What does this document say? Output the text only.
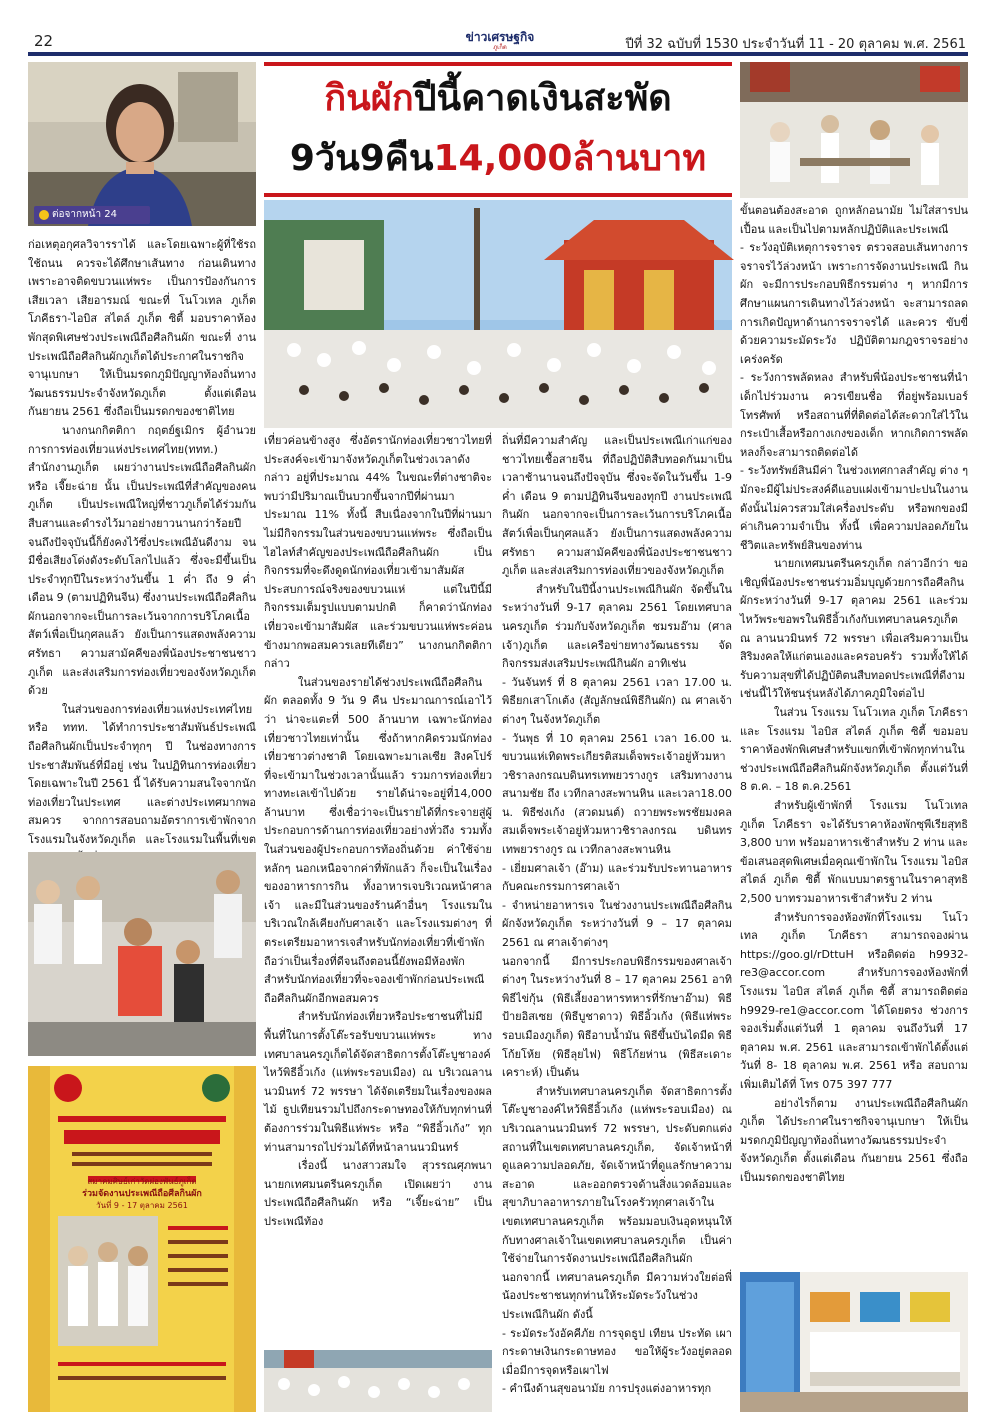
22	ข่าวเศรษฐกิจ
ภูเก็ต	ปีที่ 32 ฉบับที่ 1530 ประจำวันที่ 11 - 20 ตุลาคม พ.ศ. 2561
ต่อจากหน้า 24
กินผักปีนี้คาดเงินสะพัด
9วัน9คืน14,000ล้านบาท

ก่อเหตุอกุศลวิจารราได้ และโดยเฉพาะผู้ที่ใช้รถใช้ถนน ควรจะได้ศึกษาเส้นทาง ก่อนเดินทาง เพราะอาจติดขบวนแห่พระ เป็นการป้องกันการเสียเวลา เสียอารมณ์ ขณะที่ โนโวเทล ภูเก็ต โภคีธรา-ไอบิส สไตล์ ภูเก็ต ซิตี้ มอบราคาห้องพักสุดพิเศษช่วงประเพณีถือศีลกินผัก ขณะที่ งานประเพณีถือศีลกินผักภูเก็ตได้ประกาศในราชกิจจานุเบกษา ให้เป็นมรดกภูมิปัญญาท้องถิ่นทางวัฒนธรรมประจำจังหวัดภูเก็ต ตั้งแต่เดือน กันยายน 2561 ซึ่งถือเป็นมรดกของชาติไทย

นางกนกกิตติกา กฤตย์ฐเมิกร ผู้อำนวยการการท่องเที่ยวแห่งประเทศไทย(ททท.) สำนักงานภูเก็ต เผยว่างานประเพณีถือศีลกินผักหรือ เจี๊ยะฉ่าย นั้น เป็นประเพณีที่สำคัญของคนภูเก็ต เป็นประเพณีใหญ่ที่ชาวภูเก็ตได้ร่วมกันสืบสานและดำรงไว้มาอย่างยาวนานกว่าร้อยปี จนถึงปัจจุบันนี้ก็ยังคงไว้ซึ่งประเพณีอันดีงาม จนมีชื่อเสียงโด่งดังระดับโลกไปแล้ว ซึ่งจะมีขึ้นเป็นประจำทุกปีในระหว่างวันขึ้น 1 ค่ำ ถึง 9 ค่ำ เดือน 9 (ตามปฏิทินจีน) ซึ่งงานประเพณีถือศีลกินผักนอกจากจะเป็นการละเว้นจากการบริโภคเนื้อสัตว์เพื่อเป็นกุศลแล้ว ยังเป็นการแสดงพลังความศรัทธา ความสามัคคีของพี่น้องประชาชนชาวภูเก็ต และส่งเสริมการท่องเที่ยวของจังหวัดภูเก็ตด้วย

ในส่วนของการท่องเที่ยวแห่งประเทศไทย หรือ ททท. ได้ทำการประชาสัมพันธ์ประเพณีถือศีลกินผักเป็นประจำทุกๆ ปี ในช่องทางการประชาสัมพันธ์ที่มีอยู่ เช่น ในปฏิทินการท่องเที่ยว โดยเฉพาะในปี 2561 นี้ ได้รับความสนใจจากนักท่องเที่ยวในประเทศ และต่างประเทศมากพอสมควร จากการสอบถามอัตราการเข้าพักจากโรงแรมในจังหวัดภูเก็ต และโรงแรมในพื้นที่เขต

สมาคมศิษย์เก่าวัดผ่องพันธ์ภูเก็ต
ร่วมจัดงานประเพณีถือศีลกินผัก
วันที่ 9 - 17 ตุลาคม 2561

เที่ยวค่อนข้างสูง ซึ่งอัตรานักท่องเที่ยวชาวไทยที่ประสงค์จะเข้ามาจังหวัดภูเก็ตในช่วงเวลาดังกล่าว อยู่ที่ประมาณ 44% ในขณะที่ต่างชาติจะพบว่ามีปริมาณเป็นบวกขึ้นจากปีที่ผ่านมาประมาณ 11% ทั้งนี้ สืบเนื่องจากในปีที่ผ่านมาไม่มีกิจกรรมในส่วนของขบวนแห่พระ ซึ่งถือเป็นไฮไลท์สำคัญของประเพณีถือศีลกินผัก เป็นกิจกรรมที่จะดึงดูดนักท่องเที่ยวเข้ามาสัมผัสประสบการณ์จริงของขบวนแห่ แต่ในปีนี้มีกิจกรรมเต็มรูปแบบตามปกติ ก็คาดว่านักท่องเที่ยวจะเข้ามาสัมผัส และร่วมขบวนแห่พระค่อนข้างมากพอสมควรเลยทีเดียว” นางกนกกิตติกา กล่าว

ในส่วนของรายได้ช่วงประเพณีถือศีลกินผัก ตลอดทั้ง 9 วัน 9 คืน ประมาณการณ์เอาไว้ว่า น่าจะแตะที่ 500 ล้านบาท เฉพาะนักท่องเที่ยวชาวไทยเท่านั้น ซึ่งถ้าหากคิดรวมนักท่องเที่ยวชาวต่างชาติ โดยเฉพาะมาเลเซีย สิงคโปร์ ที่จะเข้ามาในช่วงเวลานั้นแล้ว รวมการท่องเที่ยวทางทะเลเข้าไปด้วย รายได้น่าจะอยู่ที่14,000 ล้านบาท ซึ่งเชื่อว่าจะเป็นรายได้ที่กระจายสู่ผู้ประกอบการด้านการท่องเที่ยวอย่างทั่วถึง รวมทั้งในส่วนของผู้ประกอบการท้องถิ่นด้วย ค่าใช้จ่ายหลักๆ นอกเหนือจากค่าที่พักแล้ว ก็จะเป็นในเรื่องของอาหารการกิน ทั้งอาหารเจบริเวณหน้าศาลเจ้า และมีในส่วนของร้านค้าอื่นๆ โรงแรมในบริเวณใกล้เคียงกับศาลเจ้า และโรงแรมต่างๆ ที่ตระเตรียมอาหารเจสำหรับนักท่องเที่ยวที่เข้าพัก ถือว่าเป็นเรื่องที่ดีจนถึงตอนนี้ยังพอมีห้องพักสำหรับนักท่องเที่ยวที่จะจองเข้าพักก่อนประเพณีถือศีลกินผักอีกพอสมควร

สำหรับนักท่องเที่ยวหรือประชาชนที่ไม่มีพื้นที่ในการตั้งโต๊ะรอรับขบวนแห่พระ ทางเทศบาลนครภูเก็ตได้จัดสาธิตการตั้งโต๊ะบูชาองค์ไหว้พิธีอิ้วเก้ง (แห่พระรอบเมือง) ณ บริเวณลานนวมินทร์ 72 พรรษา ได้จัดเตรียมในเรื่องของผลไม้ ธูปเทียนรวมไปถึงกระดาษทองให้กับทุกท่านที่ต้องการร่วมในพิธีแห่พระ หรือ “พิธีอิ้วเก้ง” ทุกท่านสามารถไปร่วมได้ที่หน้าลานนวมินทร์

เรื่องนี้ นางสาวสมใจ สุวรรณศุภพนา นายกเทศมนตรีนครภูเก็ต เปิดเผยว่า งานประเพณีถือศีลกินผัก หรือ “เจี๊ยะฉ่าย” เป็นประเพณีท้อง

ถิ่นที่มีความสำคัญ และเป็นประเพณีเก่าแก่ของชาวไทยเชื้อสายจีน ที่ถือปฏิบัติสืบทอดกันมาเป็นเวลาช้านานจนถึงปัจจุบัน ซึ่งจะจัดในวันขึ้น 1-9 ค่ำ เดือน 9 ตามปฏิทินจีนของทุกปี งานประเพณีกินผัก นอกจากจะเป็นการละเว้นการบริโภคเนื้อสัตว์เพื่อเป็นกุศลแล้ว ยังเป็นการแสดงพลังความศรัทธา ความสามัคคีของพี่น้องประชาชนชาวภูเก็ต และส่งเสริมการท่องเที่ยวของจังหวัดภูเก็ต

สำหรับในปีนี้งานประเพณีกินผัก จัดขึ้นในระหว่างวันที่ 9-17 ตุลาคม 2561 โดยเทศบาลนครภูเก็ต ร่วมกับจังหวัดภูเก็ต ชมรมอ๊าม (ศาลเจ้า)ภูเก็ต และเครือข่ายทางวัฒนธรรม จัดกิจกรรมส่งเสริมประเพณีกินผัก อาทิเช่น

- วันจันทร์ ที่ 8 ตุลาคม 2561 เวลา 17.00 น. พิธียกเสาโกเต้ง (สัญลักษณ์พิธีกินผัก) ณ ศาลเจ้าต่างๆ ในจังหวัดภูเก็ต

- วันพุธ ที่ 10 ตุลาคม 2561 เวลา 16.00 น. ขบวนแห่เทิดพระเกียรติสมเด็จพระเจ้าอยู่หัวมหาวชิราลงกรณบดินทรเทพยวรางกูร เสริมทางงานสนามชัย ถึง เวทีกลางสะพานหิน และเวลา18.00 น. พิธีซ่งเก้ง (สวดมนต์) ถวายพระพรชัยมงคลสมเด็จพระเจ้าอยู่หัวมหาวชิราลงกรณ บดินทรเทพยวรางกูร ณ เวทีกลางสะพานหิน

- เยี่ยมศาลเจ้า (อ๊าม) และร่วมรับประทานอาหารกับคณะกรรมการศาลเจ้า

- จำหน่ายอาหารเจ ในช่วงงานประเพณีถือศีลกินผักจังหวัดภูเก็ต ระหว่างวันที่ 9 – 17 ตุลาคม 2561 ณ ศาลเจ้าต่างๆ

นอกจากนี้ มีการประกอบพิธีกรรมของศาลเจ้าต่างๆ ในระหว่างวันที่ 8 – 17 ตุลาคม 2561 อาทิ พิธีไข่กุ้น (พิธีเลี้ยงอาหารทหารที่รักษาอ๊าม) พิธีป้ายอิสเซย (พิธีบูชาดาว) พิธีอิ้วเก้ง (พิธีแห่พระรอบเมืองภูเก็ต) พิธีอาบน้ำมัน พิธีขึ้นบันไดมีด พิธีโก้ยโห้ย (พิธีลุยไฟ) พิธีโก้ยห่าน (พิธีสะเดาะเคราะห์) เป็นต้น

สำหรับเทศบาลนครภูเก็ต จัดสาธิตการตั้งโต๊ะบูชาองค์ไหว้พิธีอิ้วเก้ง (แห่พระรอบเมือง) ณ บริเวณลานนวมินทร์ 72 พรรษา, ประดับตกแต่งสถานที่ในเขตเทศบาลนครภูเก็ต, จัดเจ้าหน้าที่ดูแลความปลอดภัย, จัดเจ้าหน้าที่ดูแลรักษาความสะอาด และออกตรวจด้านสิ่งแวดล้อมและสุขาภิบาลอาหารภายในโรงครัวทุกศาลเจ้าในเขตเทศบาลนครภูเก็ต พร้อมมอบเงินอุดหนุนให้กับทางศาลเจ้าในเขตเทศบาลนครภูเก็ต เป็นค่าใช้จ่ายในการจัดงานประเพณีถือศีลกินผัก นอกจากนี้ เทศบาลนครภูเก็ต มีความห่วงใยต่อพี่น้องประชาชนทุกท่านให้ระมัดระวังในช่วงประเพณีกินผัก ดังนี้

- ระมัดระวังอัคคีภัย การจุดธูป เทียน ประทัด เผากระดาษเงินกระดาษทอง ขอให้ผู้ระวังอยู่ตลอดเมื่อมีการจุดหรือเผาไฟ

- คำนึงด้านสุขอนามัย การปรุงแต่งอาหารทุก

ขั้นตอนต้องสะอาด ถูกหลักอนามัย ไม่ใส่สารปนเปื้อน และเป็นไปตามหลักปฏิบัติและประเพณี

- ระวังอุบัติเหตุการจราจร ตรวจสอบเส้นทางการจราจรไว้ล่วงหน้า เพราะการจัดงานประเพณี กินผัก จะมีการประกอบพิธีกรรมต่าง ๆ หากมีการศึกษาแผนการเดินทางไว้ล่วงหน้า จะสามารถลดการเกิดปัญหาด้านการจราจรได้ และควร ขับขี่ด้วยความระมัดระวัง ปฏิบัติตามกฎจราจรอย่างเคร่งครัด

- ระวังการพลัดหลง สำหรับพี่น้องประชาชนที่นำเด็กไปร่วมงาน ควรเขียนชื่อ ที่อยู่พร้อมเบอร์โทรศัพท์ หรือสถานที่ที่ติดต่อได้สะดวกใส่ไว้ในกระเป๋าเสื้อหรือกางเกงของเด็ก หากเกิดการพลัดหลงก็จะสามารถติดต่อได้

- ระวังทรัพย์สินมีค่า ในช่วงเทศกาลสำคัญ ต่าง ๆ มักจะมีผู้ไม่ประสงค์ดีแอบแฝงเข้ามาปะปนในงาน ดังนั้นไม่ควรสวมใส่เครื่องประดับ หรือพกของมีค่าเกินความจำเป็น ทั้งนี้ เพื่อความปลอดภัยในชีวิตและทรัพย์สินของท่าน

นายกเทศมนตรีนครภูเก็ต กล่าวอีกว่า ขอเชิญพี่น้องประชาชนร่วมอิ่มบุญด้วยการถือศีลกินผักระหว่างวันที่ 9-17 ตุลาคม 2561 และร่วมไหว้พระขอพรในพิธีอิ้วเก้งกับเทศบาลนครภูเก็ต ณ ลานนวมินทร์ 72 พรรษา เพื่อเสริมความเป็นสิริมงคลให้แก่ตนเองและครอบครัว รวมทั้งให้ได้รับความสุขที่ได้ปฏิบัติตนสืบทอดประเพณีที่ดีงามเช่นนี้ไว้ให้ชนรุ่นหลังได้ภาคภูมิใจต่อไป

ในส่วน โรงแรม โนโวเทล ภูเก็ต โภคีธรา และ โรงแรม ไอบิส สไตล์ ภูเก็ต ซิตี้ ขอมอบราคาห้องพักพิเศษสำหรับแขกที่เข้าพักทุกท่านในช่วงประเพณีถือศีลกินผักจังหวัดภูเก็ต ตั้งแต่วันที่ 8 ต.ค. – 18 ต.ค.2561

สำหรับผู้เข้าพักที่ โรงแรม โนโวเทล ภูเก็ต โภคีธรา จะได้รับราคาห้องพักซุพีเรียสุทธิ 3,800 บาท พร้อมอาหารเช้าสำหรับ 2 ท่าน และ ข้อเสนอสุดพิเศษเมื่อคุณเข้าพักใน โรงแรม ไอบิส สไตล์ ภูเก็ต ซิตี้ พักแบบมาตรฐานในราคาสุทธิ 2,500 บาทรวมอาหารเช้าสำหรับ 2 ท่าน

สำหรับการจองห้องพักที่โรงแรม โนโวเทล ภูเก็ต โภคีธรา สามารถจองผ่าน https://goo.gl/rDttuH หรือติดต่อ h9932-re3@accor.com สำหรับการจองห้องพักที่ โรงแรม ไอบิส สไตล์ ภูเก็ต ซิตี้ สามารถติดต่อ h9929-re1@accor.com ได้โดยตรง ช่วงการจองเริ่มตั้งแต่วันที่ 1 ตุลาคม จนถึงวันที่ 17 ตุลาคม พ.ศ. 2561 และสามารถเข้าพักได้ตั้งแต่วันที่ 8- 18 ตุลาคม พ.ศ. 2561 หรือ สอบถามเพิ่มเติมได้ที่ โทร 075 397 777

อย่างไรก็ตาม งานประเพณีถือศีลกินผักภูเก็ต ได้ประกาศในราชกิจจานุเบกษา ให้เป็นมรดกภูมิปัญญาท้องถิ่นทางวัฒนธรรมประจำจังหวัดภูเก็ต ตั้งแต่เดือน กันยายน 2561 ซึ่งถือเป็นมรดกของชาติไทย
